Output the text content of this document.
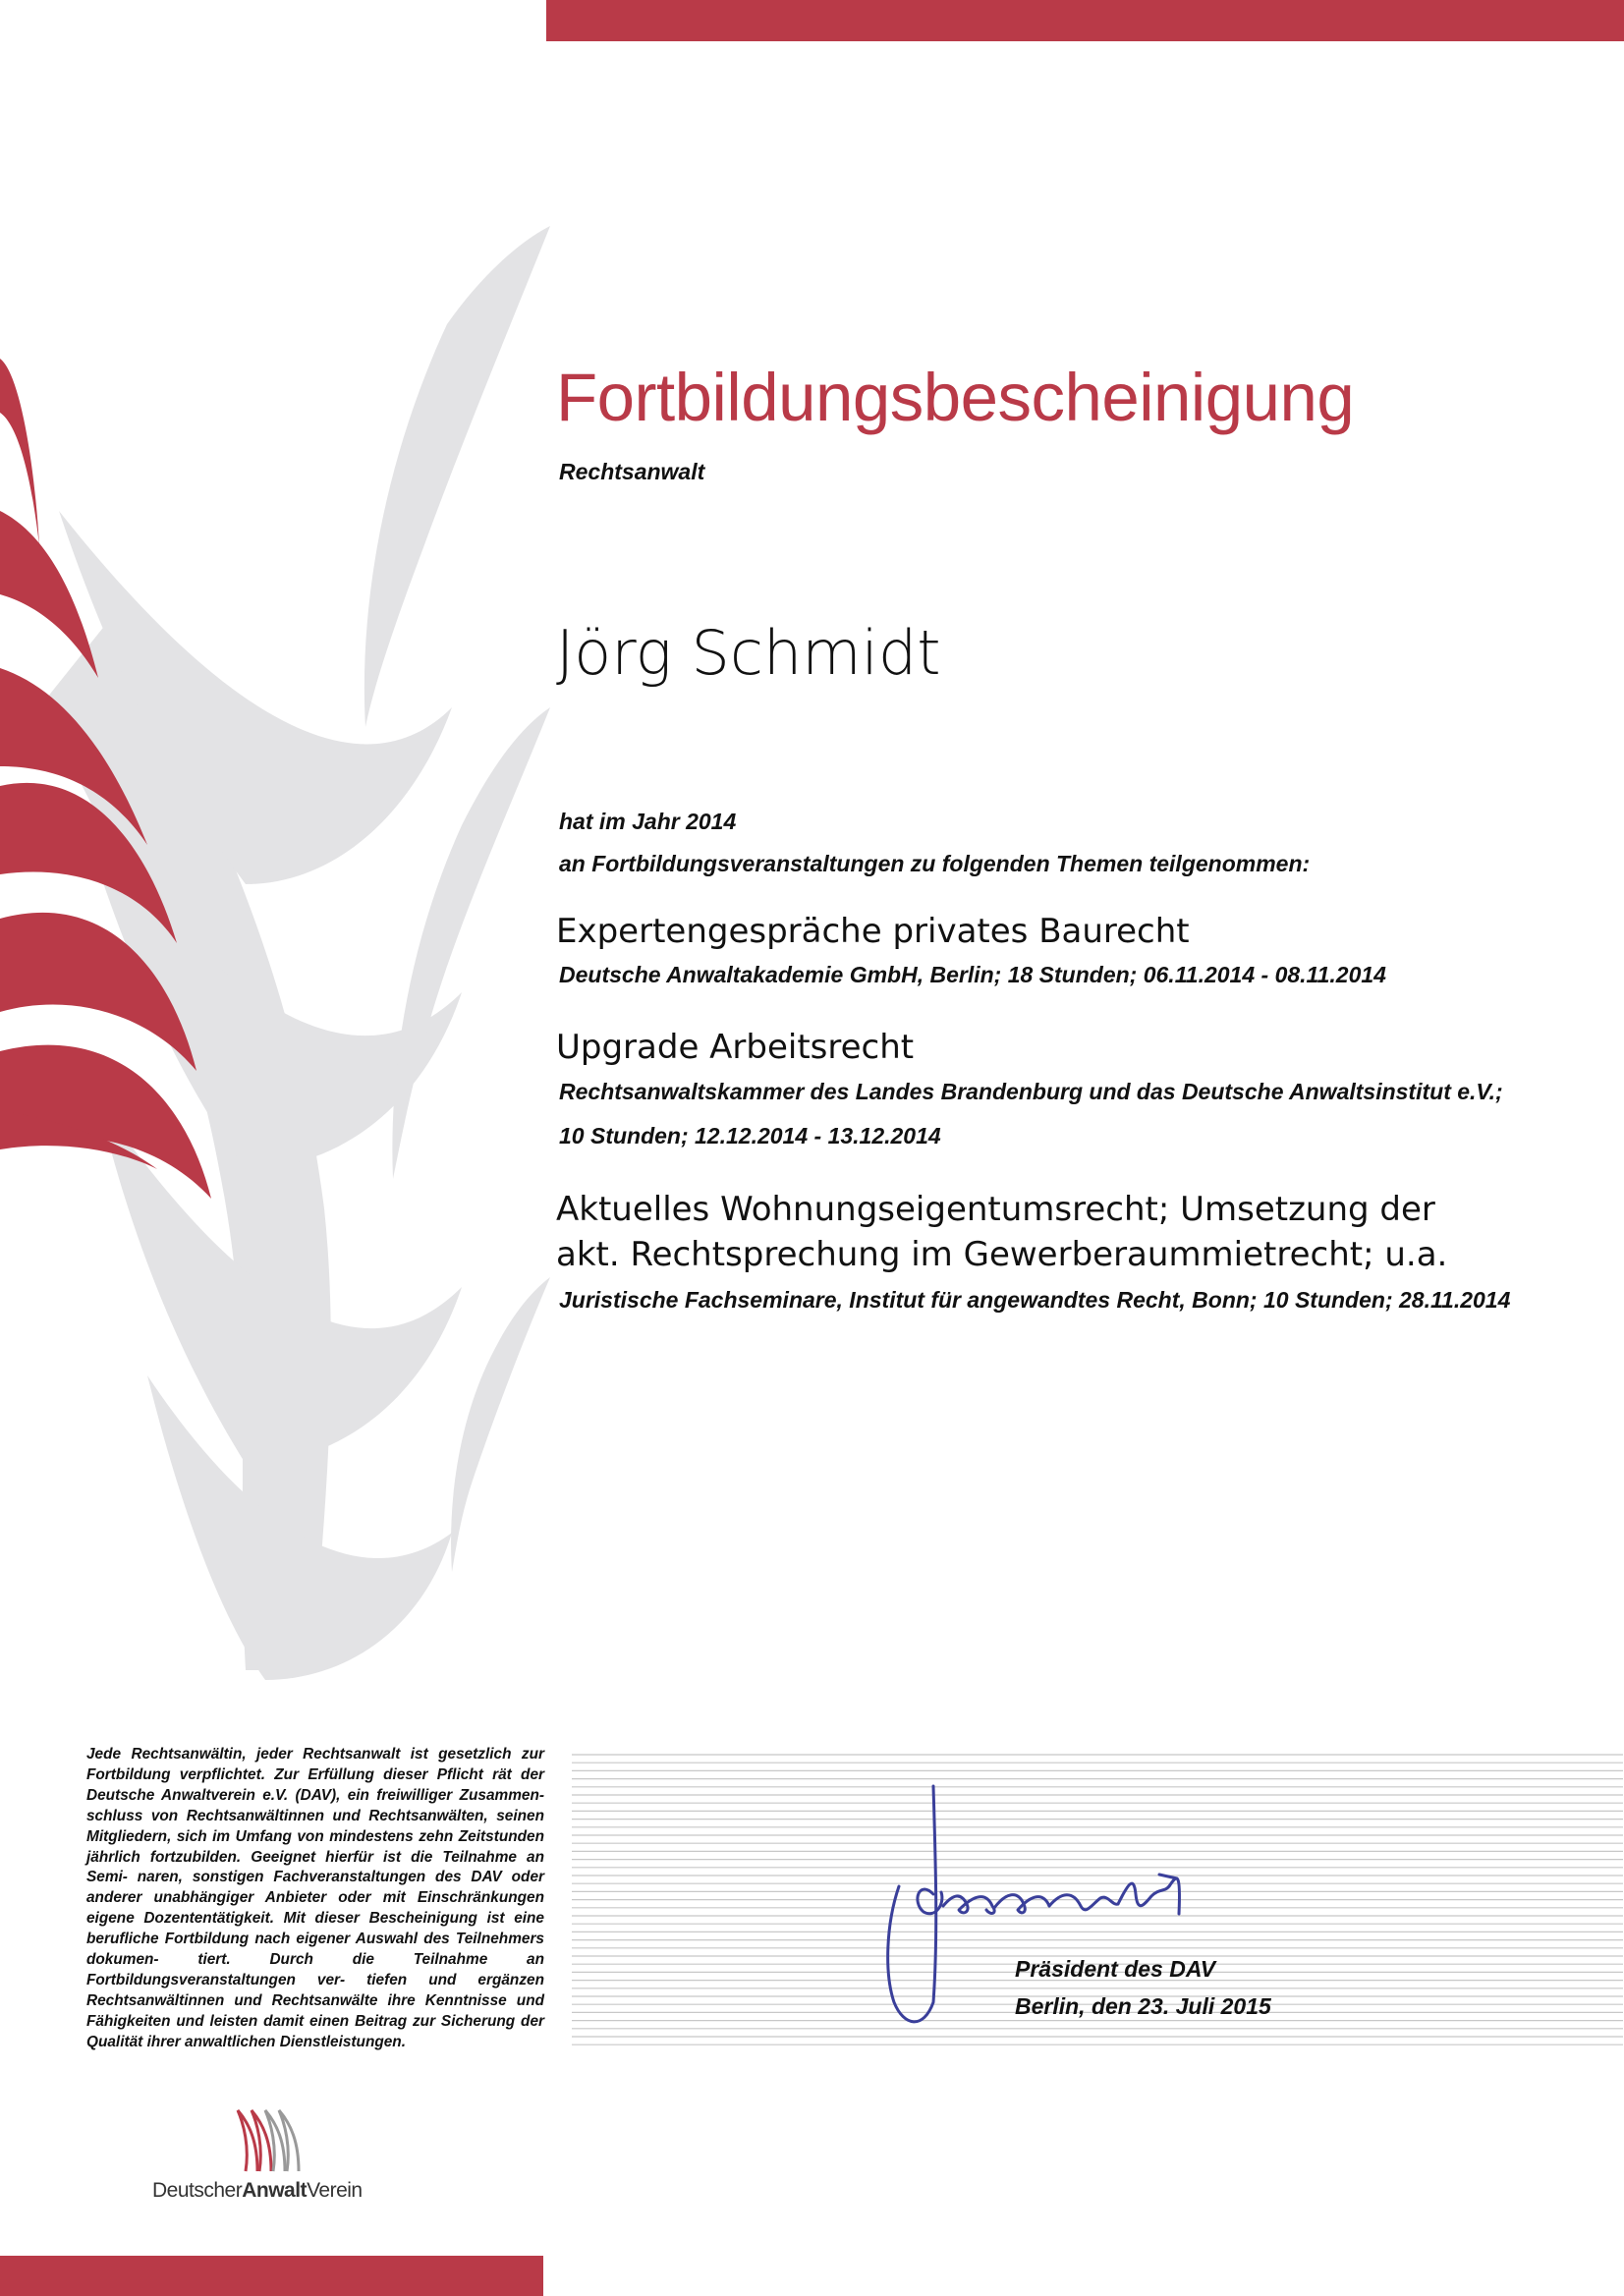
Fortbildungsbescheinigung
Rechtsanwalt
Jörg Schmidt
hat im Jahr 2014
an Fortbildungsveranstaltungen zu folgenden Themen teilgenommen:
Expertengespräche privates Baurecht
Deutsche Anwaltakademie GmbH, Berlin; 18 Stunden; 06.11.2014 - 08.11.2014
Upgrade Arbeitsrecht
Rechtsanwaltskammer des Landes Brandenburg und das Deutsche Anwaltsinstitut e.V.;
10 Stunden; 12.12.2014 - 13.12.2014
Aktuelles Wohnungseigentumsrecht; Umsetzung der
akt. Rechtsprechung im Gewerberaummietrecht; u.a.
Juristische Fachseminare, Institut für angewandtes Recht, Bonn; 10 Stunden; 28.11.2014
Jede Rechtsanwältin, jeder Rechtsanwalt ist gesetzlich zur Fortbildung verpflichtet. Zur Erfüllung dieser Pflicht rät der Deutsche Anwaltverein e.V. (DAV), ein freiwilliger Zusammen- schluss von Rechtsanwältinnen und Rechtsanwälten, seinen Mitgliedern, sich im Umfang von mindestens zehn Zeitstunden jährlich fortzubilden. Geeignet hierfür ist die Teilnahme an Semi- naren, sonstigen Fachveranstaltungen des DAV oder anderer unabhängiger Anbieter oder mit Einschränkungen eigene Dozententätigkeit. Mit dieser Bescheinigung ist eine berufliche Fortbildung nach eigener Auswahl des Teilnehmers dokumen- tiert. Durch die Teilnahme an Fortbildungsveranstaltungen ver- tiefen und ergänzen Rechtsanwältinnen und Rechtsanwälte ihre Kenntnisse und Fähigkeiten und leisten damit einen Beitrag zur Sicherung der Qualität ihrer anwaltlichen Dienstleistungen.
Präsident des DAV
Berlin, den 23. Juli 2015
DeutscherAnwaltVerein
